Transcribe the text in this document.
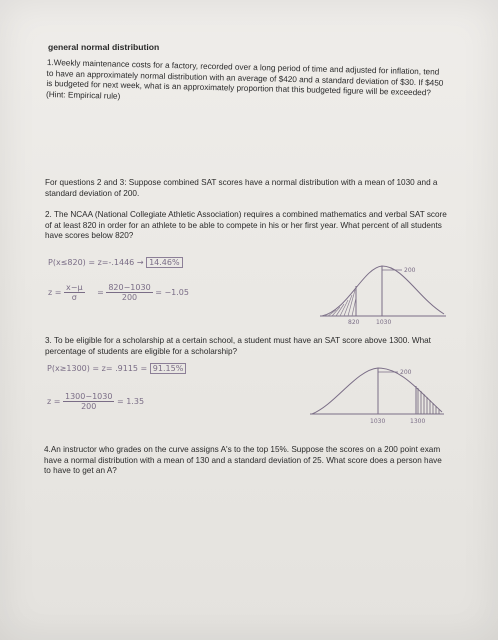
general normal distribution
1.Weekly maintenance costs for a factory, recorded over a long period of time and adjusted for inflation, tend to have an approximately normal distribution with an average of $420 and a standard deviation of $30. If $450 is budgeted for next week, what is an approximately proportion that this budgeted figure will be exceeded? (Hint: Empirical rule)
For questions 2 and 3: Suppose combined SAT scores have a normal distribution with a mean of 1030 and a standard deviation of 200.
2. The NCAA (National Collegiate Athletic Association) requires a combined mathematics and verbal SAT score of at least 820 in order for an athlete to be able to compete in his or her first year. What percent of all students have scores below 820?
P(x≤820) = z=-.1446 → 14.46%
$z = \frac{x-\mu}{\sigma} = \frac{820-1030}{200} = -1.05$
200
820	1030
3. To be eligible for a scholarship at a certain school, a student must have an SAT score above 1300. What percentage of students are eligible for a scholarship?
P(x≥1300) = z= .9115 = 91.15%
$z = \frac{1300-1030}{200} = 1.35$
200
1030	1300
4.An instructor who grades on the curve assigns A's to the top 15%. Suppose the scores on a 200 point exam have a normal distribution with a mean of 130 and a standard deviation of 25. What score does a person have to have to get an A?
